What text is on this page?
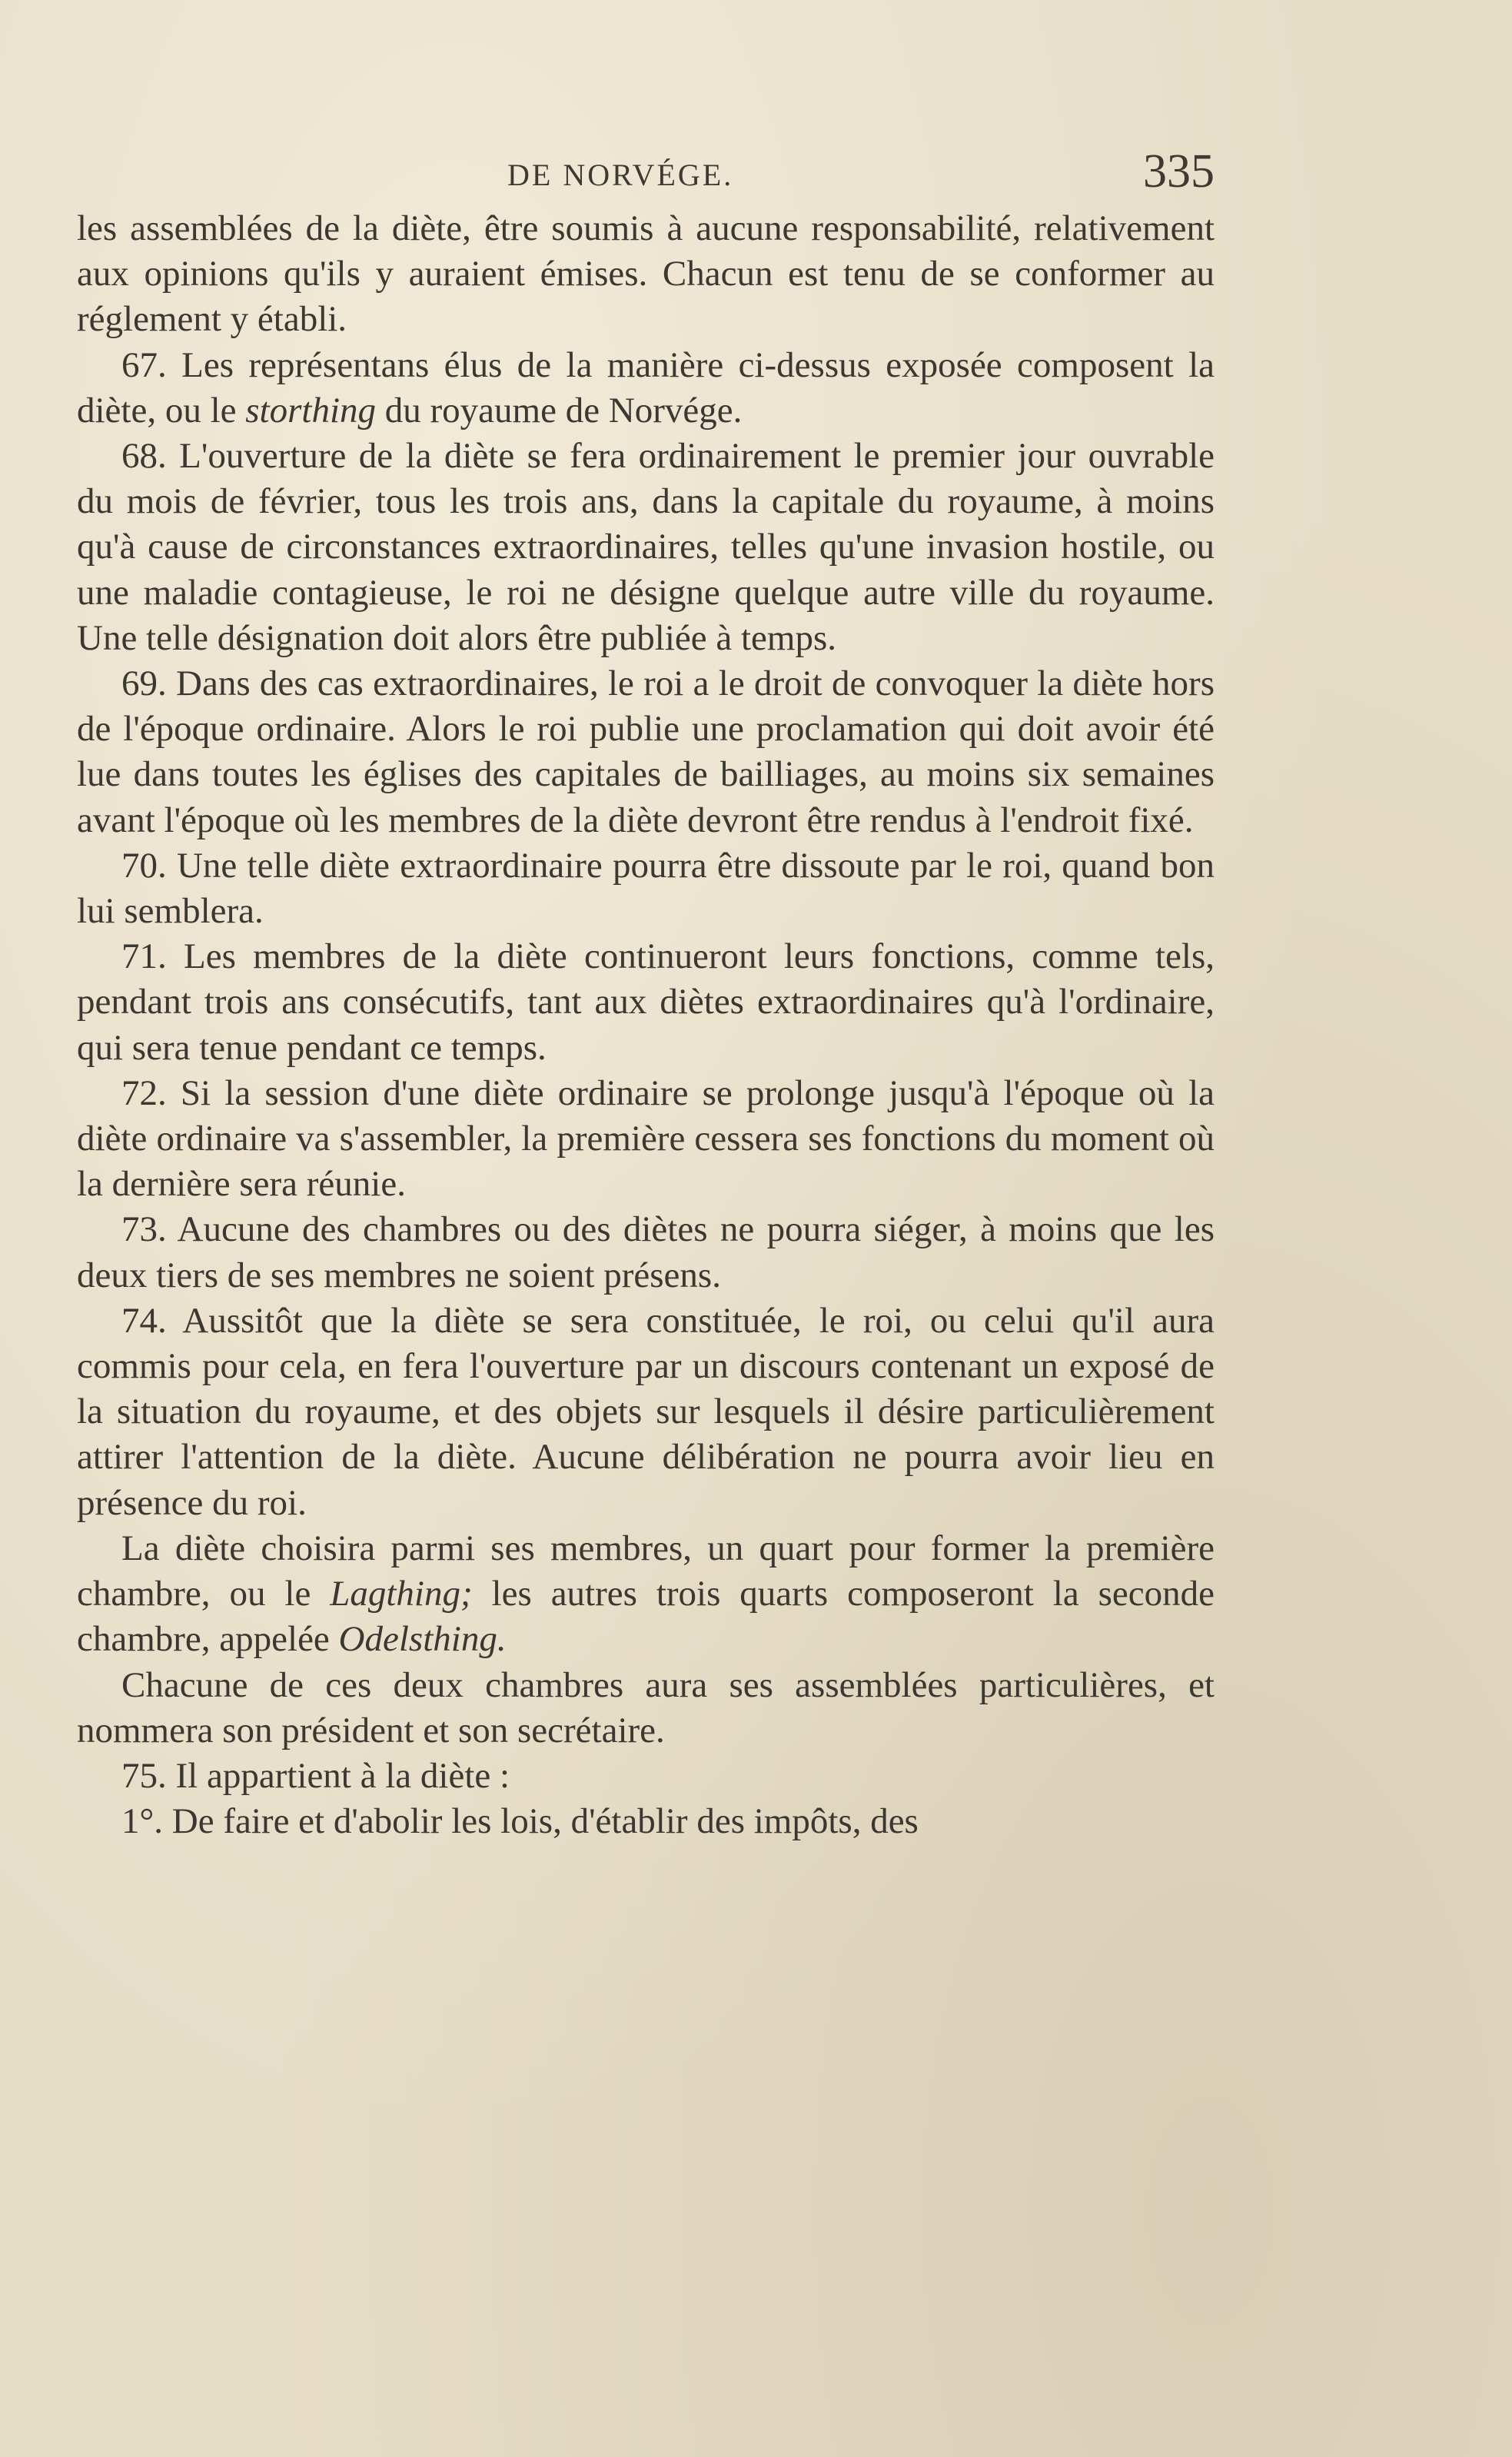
DE NORVÉGE.	335

les assemblées de la diète, être soumis à aucune responsabilité, relativement aux opinions qu'ils y auraient émises. Chacun est tenu de se conformer au réglement y établi.

67. Les représentans élus de la manière ci-dessus exposée composent la diète, ou le storthing du royaume de Norvége.

68. L'ouverture de la diète se fera ordinairement le premier jour ouvrable du mois de février, tous les trois ans, dans la capitale du royaume, à moins qu'à cause de circonstances extraordinaires, telles qu'une invasion hostile, ou une maladie contagieuse, le roi ne désigne quelque autre ville du royaume. Une telle désignation doit alors être publiée à temps.

69. Dans des cas extraordinaires, le roi a le droit de convoquer la diète hors de l'époque ordinaire. Alors le roi publie une proclamation qui doit avoir été lue dans toutes les églises des capitales de bailliages, au moins six semaines avant l'époque où les membres de la diète devront être rendus à l'endroit fixé.

70. Une telle diète extraordinaire pourra être dissoute par le roi, quand bon lui semblera.

71. Les membres de la diète continueront leurs fonctions, comme tels, pendant trois ans consécutifs, tant aux diètes extraordinaires qu'à l'ordinaire, qui sera tenue pendant ce temps.

72. Si la session d'une diète ordinaire se prolonge jusqu'à l'époque où la diète ordinaire va s'assembler, la première cessera ses fonctions du moment où la dernière sera réunie.

73. Aucune des chambres ou des diètes ne pourra siéger, à moins que les deux tiers de ses membres ne soient présens.

74. Aussitôt que la diète se sera constituée, le roi, ou celui qu'il aura commis pour cela, en fera l'ouverture par un discours contenant un exposé de la situation du royaume, et des objets sur lesquels il désire particulièrement attirer l'attention de la diète. Aucune délibération ne pourra avoir lieu en présence du roi.

La diète choisira parmi ses membres, un quart pour former la première chambre, ou le Lagthing; les autres trois quarts composeront la seconde chambre, appelée Odelsthing.

Chacune de ces deux chambres aura ses assemblées particulières, et nommera son président et son secrétaire.

75. Il appartient à la diète :

1°. De faire et d'abolir les lois, d'établir des impôts, des
